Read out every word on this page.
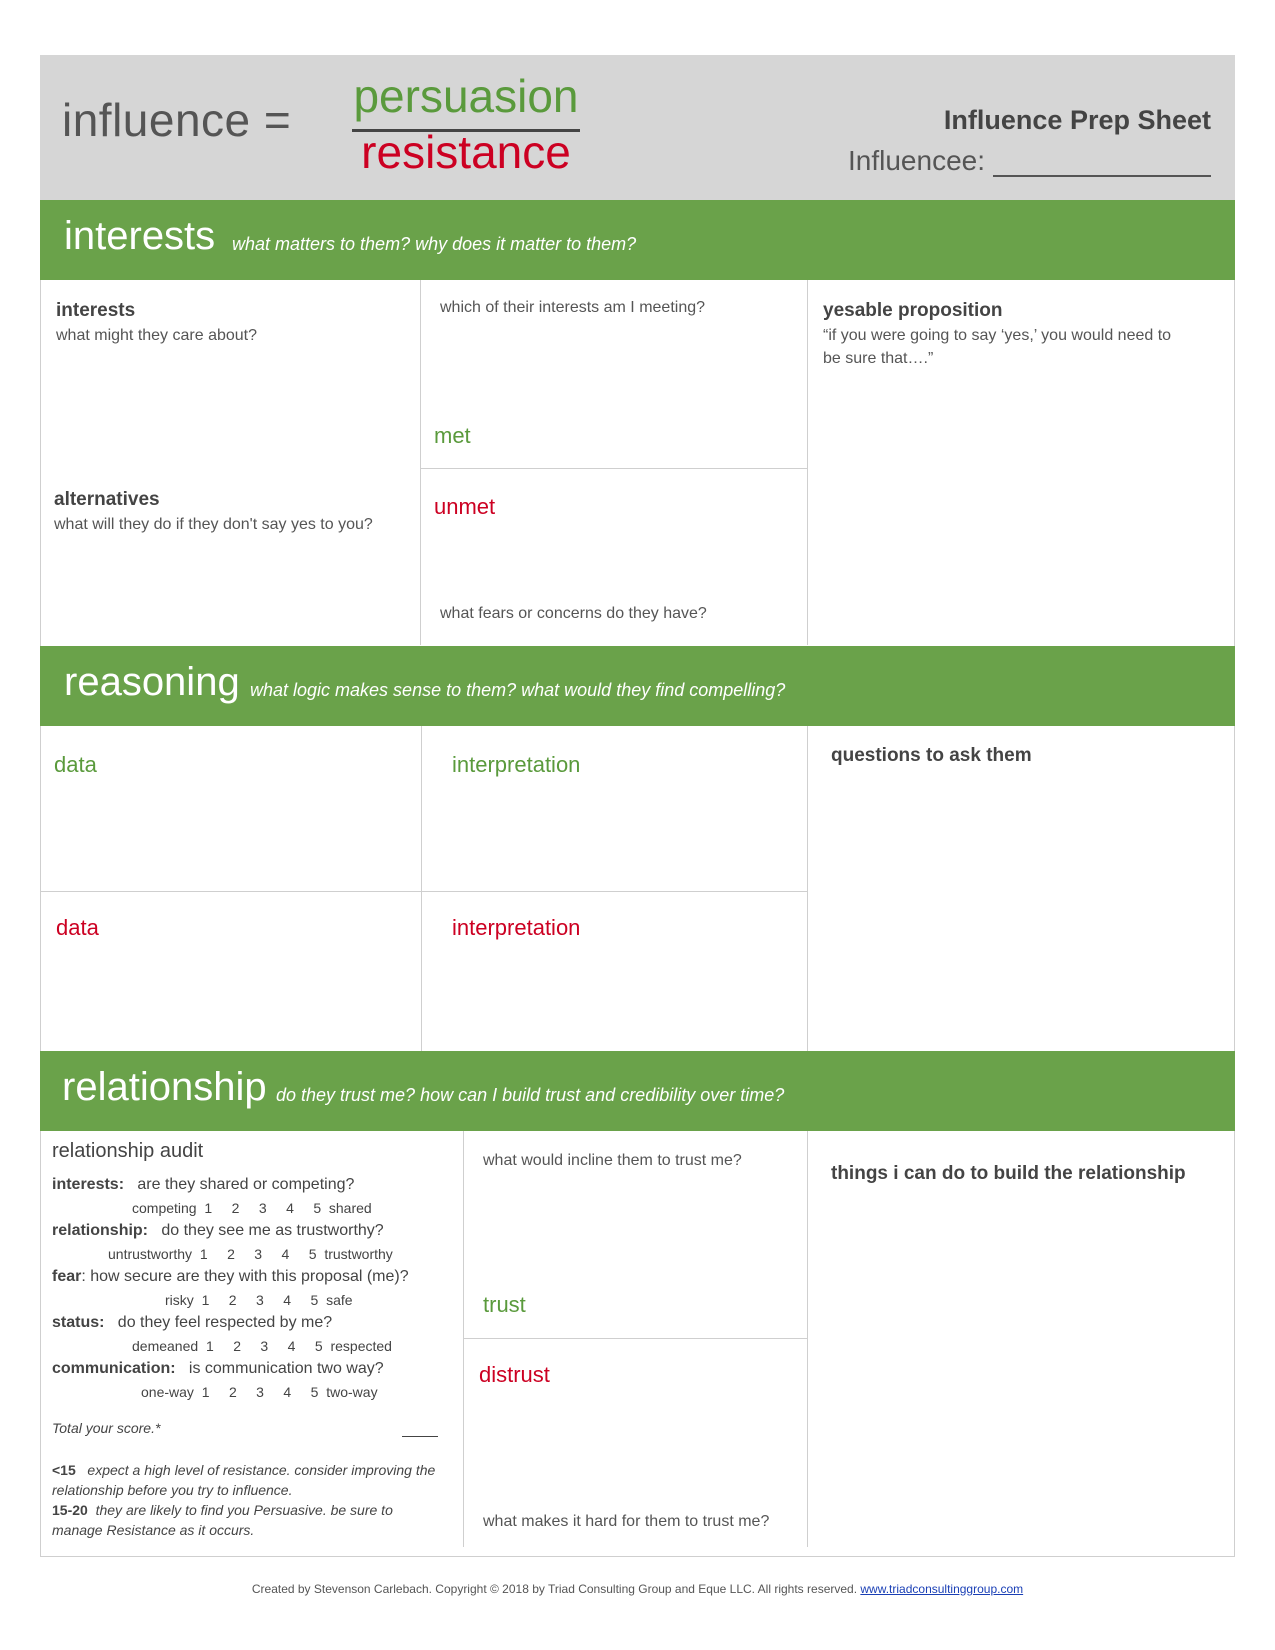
influence = persuasion
resistance
Influence Prep Sheet
Influencee:
interests what matters to them? why does it matter to them?
interests
what might they care about?
alternatives
what will they do if they don't say yes to you?
which of their interests am I meeting?
met
unmet
what fears or concerns do they have?
yesable proposition
“if you were going to say ‘yes,’ you would need to
be sure that….”
reasoning what logic makes sense to them? what would they find compelling?
data	interpretation
data	interpretation
questions to ask them
relationship do they trust me? how can I build trust and credibility over time?
relationship audit
interests: are they shared or competing?
competing 1     2     3     4     5 shared
relationship: do they see me as trustworthy?
untrustworthy 1     2     3     4     5 trustworthy
fear: how secure are they with this proposal (me)?
risky 1     2     3     4     5 safe
status: do they feel respected by me?
demeaned 1     2     3     4     5 respected
communication: is communication two way?
one-way 1     2     3     4     5 two-way
Total your score.*
<15 expect a high level of resistance. consider improving the relationship before you try to influence.
15-20 they are likely to find you Persuasive. be sure to manage Resistance as it occurs.
what would incline them to trust me?
trust
distrust
what makes it hard for them to trust me?
things i can do to build the relationship
Created by Stevenson Carlebach. Copyright © 2018 by Triad Consulting Group and Eque LLC. All rights reserved. www.triadconsultinggroup.com
